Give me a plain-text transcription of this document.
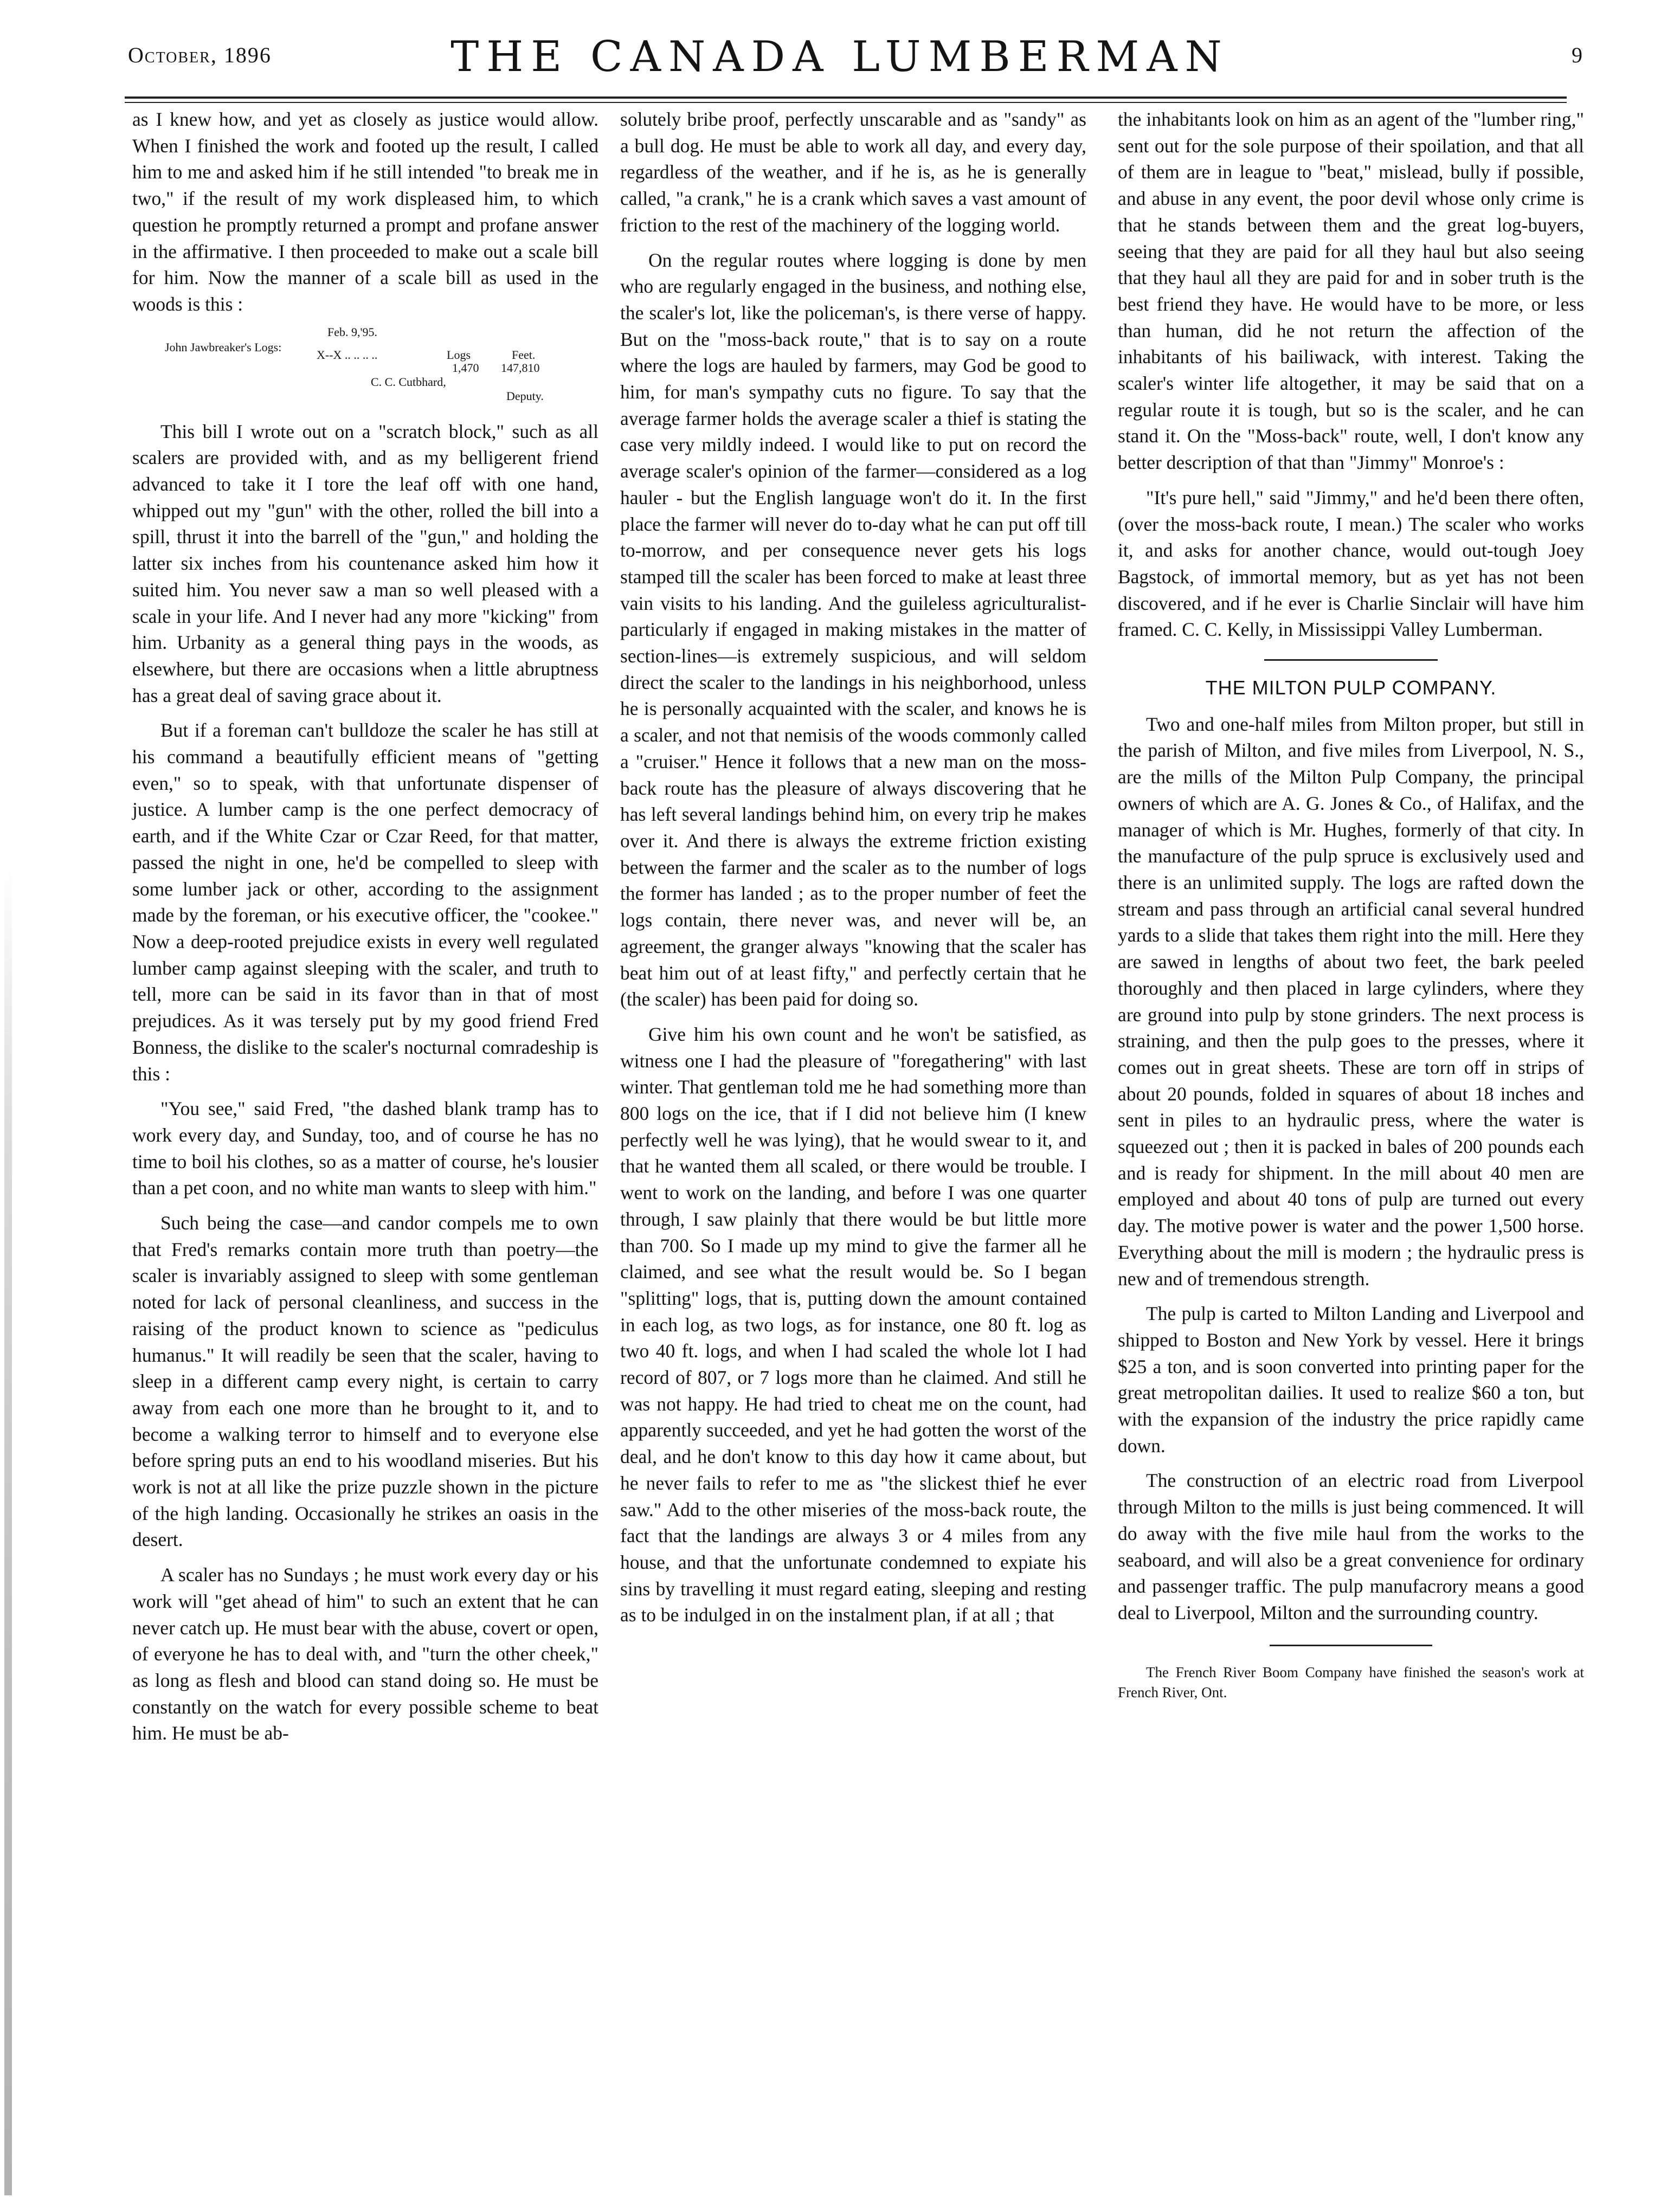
October, 1896	THE CANADA LUMBERMAN	9

as I knew how, and yet as closely as justice would allow. When I finished the work and footed up the result, I called him to me and asked him if he still intended "to break me in two," if the result of my work displeased him, to which question he promptly returned a prompt and profane answer in the affirmative. I then proceeded to make out a scale bill for him. Now the manner of a scale bill as used in the woods is this :

Feb. 9,'95.
John Jawbreaker's Logs:
X--X .. .. .. ..	Logs	Feet.
1,470 147,810
C. C. Cutbhard,
Deputy.

This bill I wrote out on a "scratch block," such as all scalers are provided with, and as my belligerent friend advanced to take it I tore the leaf off with one hand, whipped out my "gun" with the other, rolled the bill into a spill, thrust it into the barrell of the "gun," and holding the latter six inches from his countenance asked him how it suited him. You never saw a man so well pleased with a scale in your life. And I never had any more "kicking" from him. Urbanity as a general thing pays in the woods, as elsewhere, but there are occasions when a little abruptness has a great deal of saving grace about it.

But if a foreman can't bulldoze the scaler he has still at his command a beautifully efficient means of "getting even," so to speak, with that unfortunate dispenser of justice. A lumber camp is the one perfect democracy of earth, and if the White Czar or Czar Reed, for that matter, passed the night in one, he'd be compelled to sleep with some lumber jack or other, according to the assignment made by the foreman, or his executive officer, the "cookee." Now a deep-rooted prejudice exists in every well regulated lumber camp against sleeping with the scaler, and truth to tell, more can be said in its favor than in that of most prejudices. As it was tersely put by my good friend Fred Bonness, the dislike to the scaler's nocturnal comradeship is this :

"You see," said Fred, "the dashed blank tramp has to work every day, and Sunday, too, and of course he has no time to boil his clothes, so as a matter of course, he's lousier than a pet coon, and no white man wants to sleep with him."

Such being the case—and candor compels me to own that Fred's remarks contain more truth than poetry—the scaler is invariably assigned to sleep with some gentleman noted for lack of personal cleanliness, and success in the raising of the product known to science as "pediculus humanus." It will readily be seen that the scaler, having to sleep in a different camp every night, is certain to carry away from each one more than he brought to it, and to become a walking terror to himself and to everyone else before spring puts an end to his woodland miseries. But his work is not at all like the prize puzzle shown in the picture of the high landing. Occasionally he strikes an oasis in the desert.

A scaler has no Sundays ; he must work every day or his work will "get ahead of him" to such an extent that he can never catch up. He must bear with the abuse, covert or open, of everyone he has to deal with, and "turn the other cheek," as long as flesh and blood can stand doing so. He must be constantly on the watch for every possible scheme to beat him. He must be ab-

solutely bribe proof, perfectly unscarable and as "sandy" as a bull dog. He must be able to work all day, and every day, regardless of the weather, and if he is, as he is generally called, "a crank," he is a crank which saves a vast amount of friction to the rest of the machinery of the logging world.

On the regular routes where logging is done by men who are regularly engaged in the business, and nothing else, the scaler's lot, like the policeman's, is there verse of happy. But on the "moss-back route," that is to say on a route where the logs are hauled by farmers, may God be good to him, for man's sympathy cuts no figure. To say that the average farmer holds the average scaler a thief is stating the case very mildly indeed. I would like to put on record the average scaler's opinion of the farmer—considered as a log hauler - but the English language won't do it. In the first place the farmer will never do to-day what he can put off till to-morrow, and per consequence never gets his logs stamped till the scaler has been forced to make at least three vain visits to his landing. And the guileless agriculturalist- particularly if engaged in making mistakes in the matter of section-lines—is extremely suspicious, and will seldom direct the scaler to the landings in his neighborhood, unless he is personally acquainted with the scaler, and knows he is a scaler, and not that nemisis of the woods commonly called a "cruiser." Hence it follows that a new man on the moss-back route has the pleasure of always discovering that he has left several landings behind him, on every trip he makes over it. And there is always the extreme friction existing between the farmer and the scaler as to the number of logs the former has landed ; as to the proper number of feet the logs contain, there never was, and never will be, an agreement, the granger always "knowing that the scaler has beat him out of at least fifty," and perfectly certain that he (the scaler) has been paid for doing so.

Give him his own count and he won't be satisfied, as witness one I had the pleasure of "foregathering" with last winter. That gentleman told me he had something more than 800 logs on the ice, that if I did not believe him (I knew perfectly well he was lying), that he would swear to it, and that he wanted them all scaled, or there would be trouble. I went to work on the landing, and before I was one quarter through, I saw plainly that there would be but little more than 700. So I made up my mind to give the farmer all he claimed, and see what the result would be. So I began "splitting" logs, that is, putting down the amount contained in each log, as two logs, as for instance, one 80 ft. log as two 40 ft. logs, and when I had scaled the whole lot I had record of 807, or 7 logs more than he claimed. And still he was not happy. He had tried to cheat me on the count, had apparently succeeded, and yet he had gotten the worst of the deal, and he don't know to this day how it came about, but he never fails to refer to me as "the slickest thief he ever saw." Add to the other miseries of the moss-back route, the fact that the landings are always 3 or 4 miles from any house, and that the unfortunate condemned to expiate his sins by travelling it must regard eating, sleeping and resting as to be indulged in on the instalment plan, if at all ; that

the inhabitants look on him as an agent of the "lumber ring," sent out for the sole purpose of their spoilation, and that all of them are in league to "beat," mislead, bully if possible, and abuse in any event, the poor devil whose only crime is that he stands between them and the great log-buyers, seeing that they are paid for all they haul but also seeing that they haul all they are paid for and in sober truth is the best friend they have. He would have to be more, or less than human, did he not return the affection of the inhabitants of his bailiwack, with interest. Taking the scaler's winter life altogether, it may be said that on a regular route it is tough, but so is the scaler, and he can stand it. On the "Moss-back" route, well, I don't know any better description of that than "Jimmy" Monroe's :

"It's pure hell," said "Jimmy," and he'd been there often, (over the moss-back route, I mean.) The scaler who works it, and asks for another chance, would out-tough Joey Bagstock, of immortal memory, but as yet has not been discovered, and if he ever is Charlie Sinclair will have him framed. C. C. Kelly, in Mississippi Valley Lumberman.

THE MILTON PULP COMPANY.

Two and one-half miles from Milton proper, but still in the parish of Milton, and five miles from Liverpool, N. S., are the mills of the Milton Pulp Company, the principal owners of which are A. G. Jones & Co., of Halifax, and the manager of which is Mr. Hughes, formerly of that city. In the manufacture of the pulp spruce is exclusively used and there is an unlimited supply. The logs are rafted down the stream and pass through an artificial canal several hundred yards to a slide that takes them right into the mill. Here they are sawed in lengths of about two feet, the bark peeled thoroughly and then placed in large cylinders, where they are ground into pulp by stone grinders. The next process is straining, and then the pulp goes to the presses, where it comes out in great sheets. These are torn off in strips of about 20 pounds, folded in squares of about 18 inches and sent in piles to an hydraulic press, where the water is squeezed out ; then it is packed in bales of 200 pounds each and is ready for shipment. In the mill about 40 men are employed and about 40 tons of pulp are turned out every day. The motive power is water and the power 1,500 horse. Everything about the mill is modern ; the hydraulic press is new and of tremendous strength.

The pulp is carted to Milton Landing and Liverpool and shipped to Boston and New York by vessel. Here it brings $25 a ton, and is soon converted into printing paper for the great metropolitan dailies. It used to realize $60 a ton, but with the expansion of the industry the price rapidly came down.

The construction of an electric road from Liverpool through Milton to the mills is just being commenced. It will do away with the five mile haul from the works to the seaboard, and will also be a great convenience for ordinary and passenger traffic. The pulp manufacrory means a good deal to Liverpool, Milton and the surrounding country.

The French River Boom Company have finished the season's work at French River, Ont.
